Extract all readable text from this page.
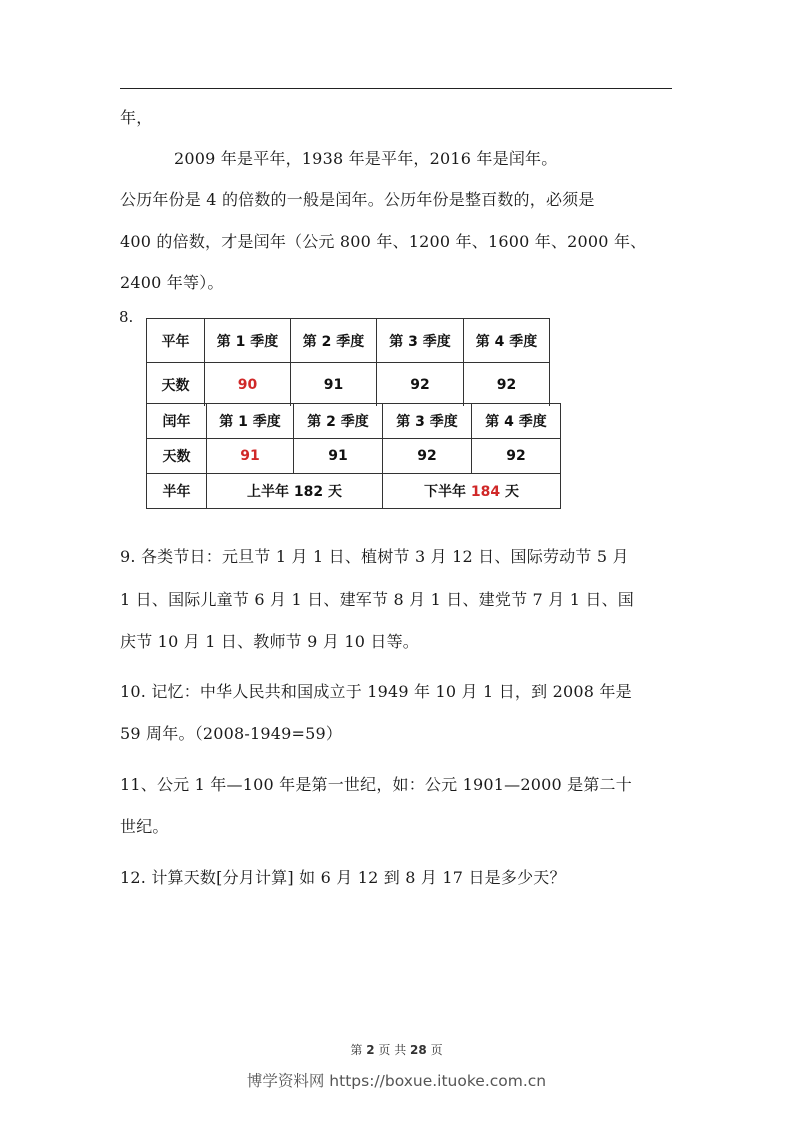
年，
2009 年是平年，1938 年是平年，2016 年是闰年。
公历年份是 4 的倍数的一般是闰年。公历年份是整百数的，必须是
400 的倍数，才是闰年（公元 800 年、1200 年、1600 年、2000 年、
2400 年等）。
8.
平年	第 1 季度	第 2 季度	第 3 季度	第 4 季度
天数	90	91	92	92
闰年	第 1 季度	第 2 季度	第 3 季度	第 4 季度
天数	91	91	92	92
半年	上半年 182 天		下半年 184 天	
9. 各类节日：元旦节 1 月 1 日、植树节 3 月 12 日、国际劳动节 5 月
1 日、国际儿童节 6 月 1 日、建军节 8 月 1 日、建党节 7 月 1 日、国
庆节 10 月 1 日、教师节 9 月 10 日等。
10. 记忆：中华人民共和国成立于 1949 年 10 月 1 日，到 2008 年是
59 周年。（2008-1949=59）
11、公元 1 年—100 年是第一世纪，如：公元 1901—2000 是第二十
世纪。
12. 计算天数[分月计算] 如 6 月 12 到 8 月 17 日是多少天？
第 2 页 共 28 页
博学资料网 https://boxue.ituoke.com.cn
